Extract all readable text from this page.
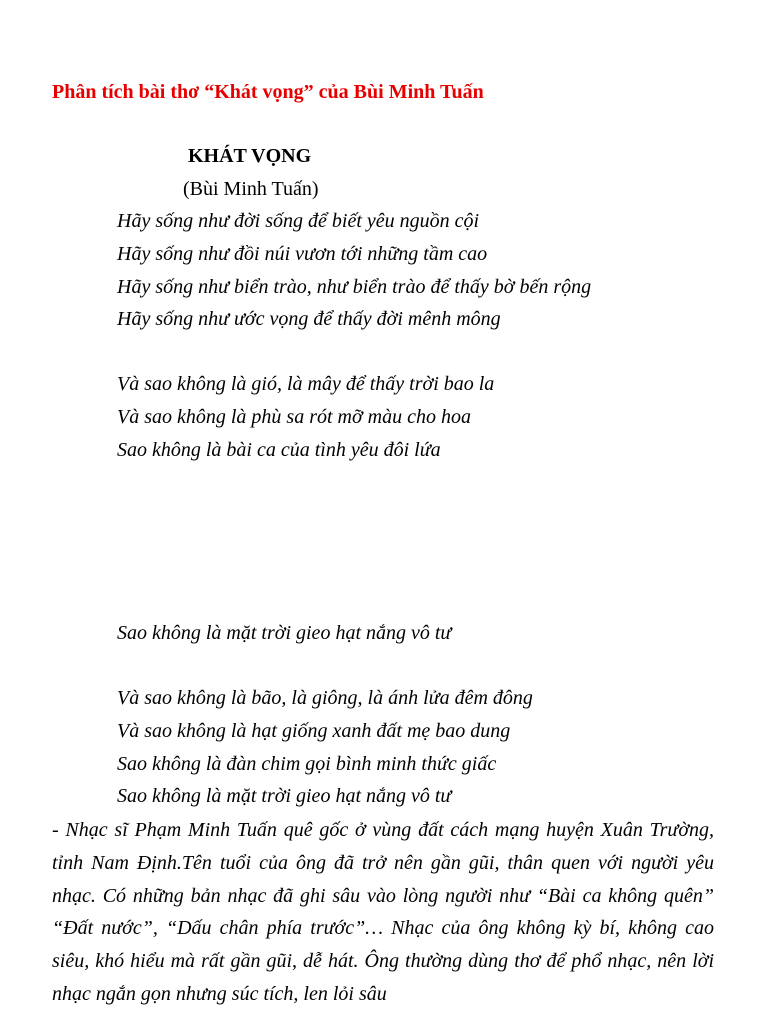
Phân tích bài thơ “Khát vọng” của Bùi Minh Tuấn
KHÁT VỌNG
(Bùi Minh Tuấn)
Hãy sống như đời sống để biết yêu nguồn cội
Hãy sống như đồi núi vươn tới những tầm cao
Hãy sống như biển trào, như biển trào để thấy bờ bến rộng
Hãy sống như ước vọng để thấy đời mênh mông
Và sao không là gió, là mây để thấy trời bao la
Và sao không là phù sa rót mỡ màu cho hoa
Sao không là bài ca của tình yêu đôi lứa
Sao không là mặt trời gieo hạt nắng vô tư
Và sao không là bão, là giông, là ánh lửa đêm đông
Và sao không là hạt giống xanh đất mẹ bao dung
Sao không là đàn chim gọi bình minh thức giấc
Sao không là mặt trời gieo hạt nắng vô tư

- Nhạc sĩ Phạm Minh Tuấn quê gốc ở vùng đất cách mạng huyện Xuân Trường, tỉnh Nam Định.Tên tuổi của ông đã trở nên gần gũi, thân quen với người yêu nhạc. Có những bản nhạc đã ghi sâu vào lòng người như “Bài ca không quên” “Đất nước”, “Dấu chân phía trước”… Nhạc của ông không kỳ bí, không cao siêu, khó hiểu mà rất gần gũi, dễ hát. Ông thường dùng thơ để phổ nhạc, nên lời nhạc ngắn gọn nhưng súc tích, len lỏi sâu
